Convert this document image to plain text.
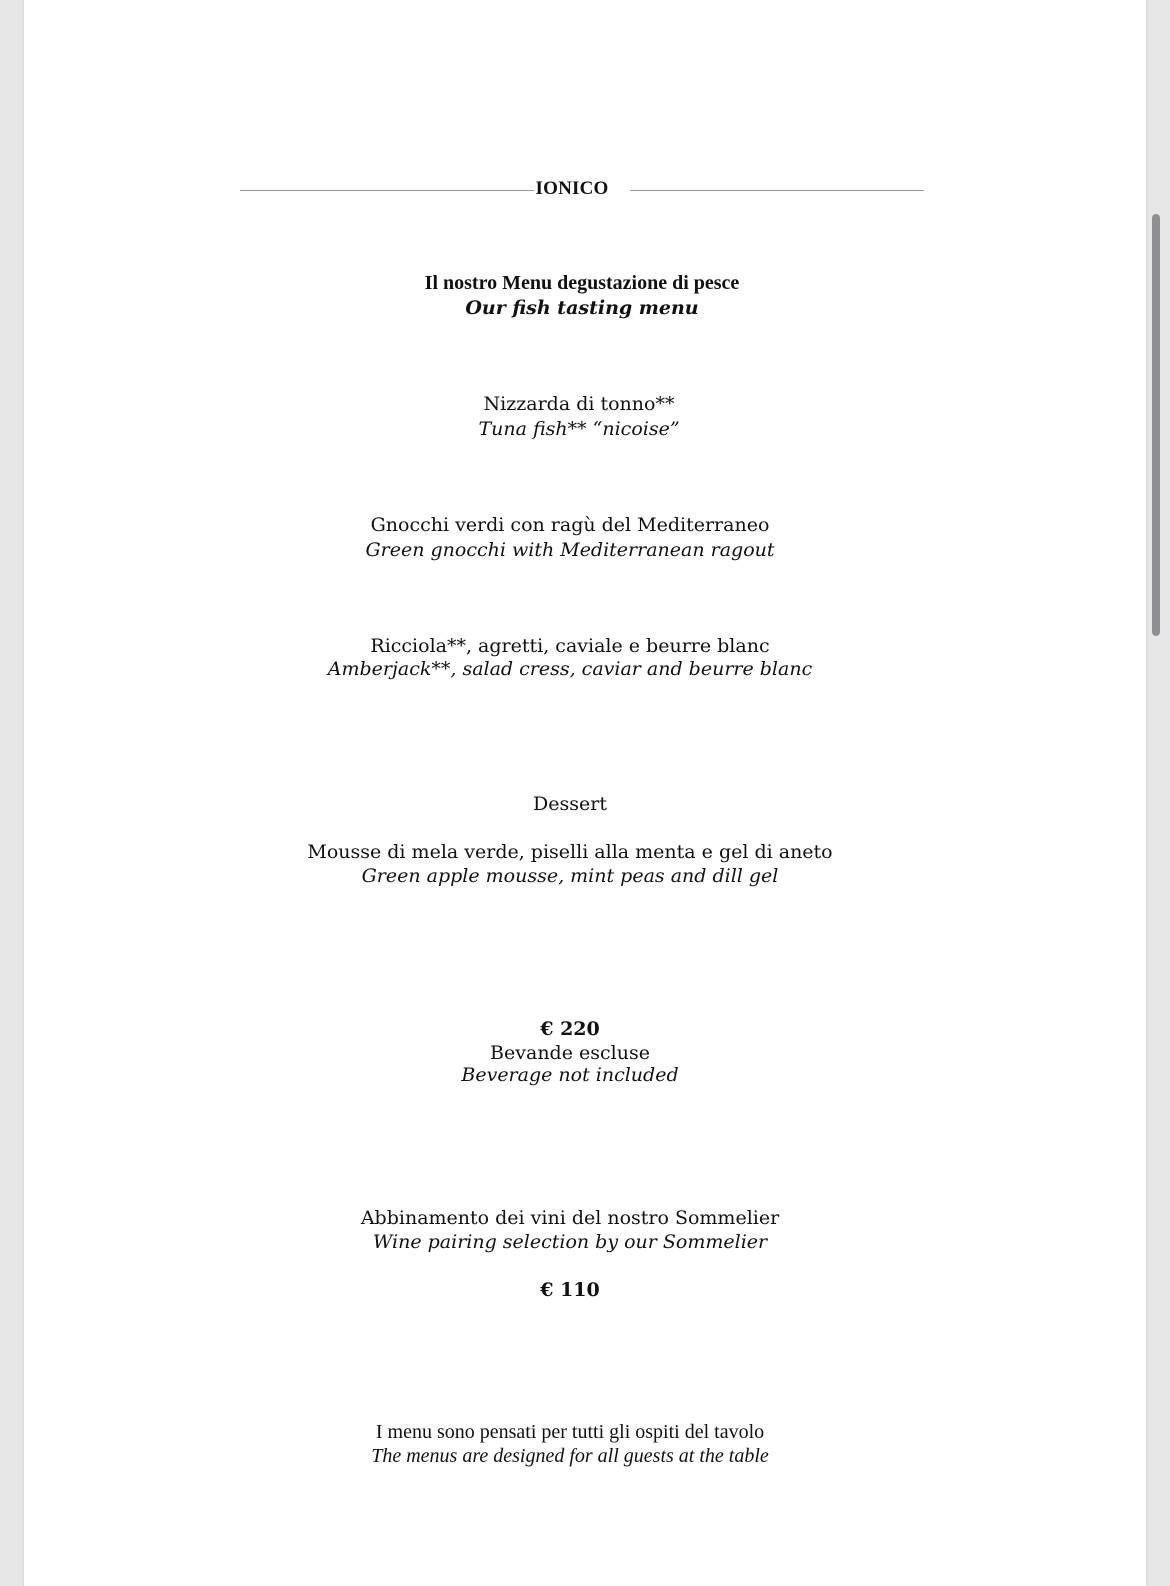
IONICO
Il nostro Menu degustazione di pesce
Our fish tasting menu
Nizzarda di tonno**
Tuna fish** “nicoise”
Gnocchi verdi con ragù del Mediterraneo
Green gnocchi with Mediterranean ragout
Ricciola**, agretti, caviale e beurre blanc
Amberjack**, salad cress, caviar and beurre blanc
Dessert
Mousse di mela verde, piselli alla menta e gel di aneto
Green apple mousse, mint peas and dill gel
€ 220
Bevande escluse
Beverage not included
Abbinamento dei vini del nostro Sommelier
Wine pairing selection by our Sommelier
€ 110
I menu sono pensati per tutti gli ospiti del tavolo
The menus are designed for all guests at the table
